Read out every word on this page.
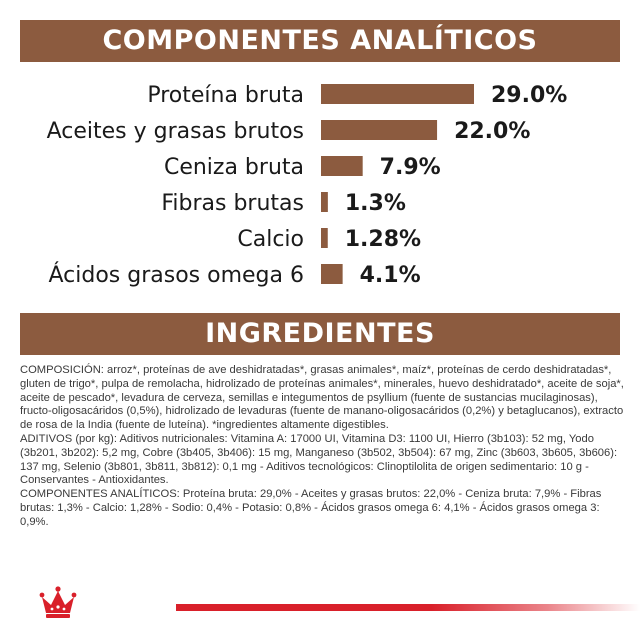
COMPONENTES ANALÍTICOS
Proteína bruta	29.0%
Aceites y grasas brutos	22.0%
Ceniza bruta	7.9%
Fibras brutas 1.3%
Calcio 1.28%
Ácidos grasos omega 6	4.1%
INGREDIENTES

COMPOSICIÓN: arroz*, proteínas de ave deshidratadas*, grasas animales*, maíz*, proteínas de cerdo deshidratadas*, gluten de trigo*, pulpa de remolacha, hidrolizado de proteínas animales*, minerales, huevo deshidratado*, aceite de soja*, aceite de pescado*, levadura de cerveza, semillas e integumentos de psyllium (fuente de sustancias mucilaginosas), fructo-oligosacáridos (0,5%), hidrolizado de levaduras (fuente de manano-oligosacáridos (0,2%) y betaglucanos), extracto de rosa de la India (fuente de luteína). *ingredientes altamente digestibles.

ADITIVOS (por kg): Aditivos nutricionales: Vitamina A: 17000 UI, Vitamina D3: 1100 UI, Hierro (3b103): 52 mg, Yodo (3b201, 3b202): 5,2 mg, Cobre (3b405, 3b406): 15 mg, Manganeso (3b502, 3b504): 67 mg, Zinc (3b603, 3b605, 3b606): 137 mg, Selenio (3b801, 3b811, 3b812): 0,1 mg - Aditivos tecnológicos: Clinoptilolita de origen sedimentario: 10 g - Conservantes - Antioxidantes.

COMPONENTES ANALÍTICOS: Proteína bruta: 29,0% - Aceites y grasas brutos: 22,0% - Ceniza bruta: 7,9% - Fibras brutas: 1,3% - Calcio: 1,28% - Sodio: 0,4% - Potasio: 0,8% - Ácidos grasos omega 6: 4,1% - Ácidos grasos omega 3: 0,9%.
